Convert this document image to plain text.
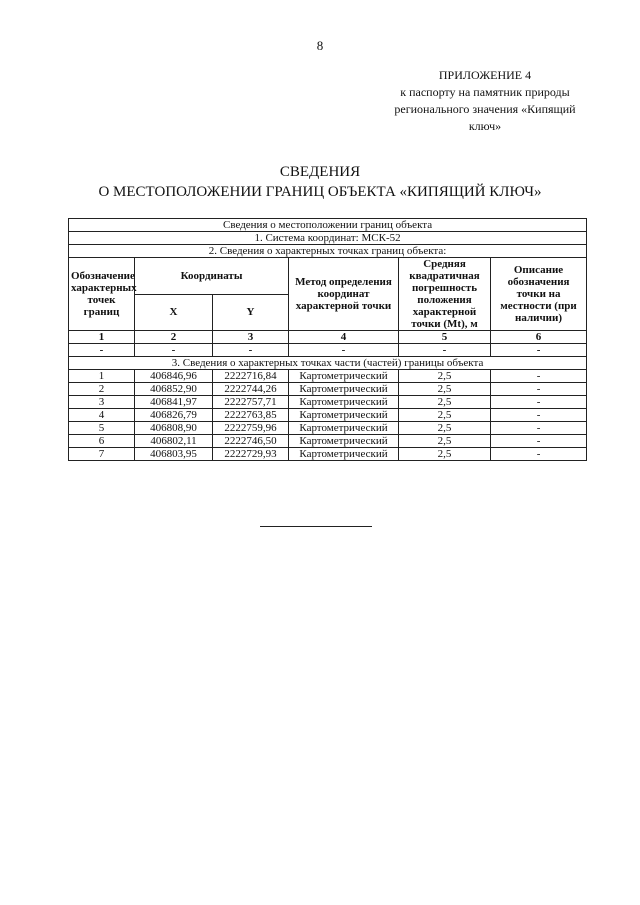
8
ПРИЛОЖЕНИЕ 4
к паспорту на памятник природы
регионального значения «Кипящий
ключ»
СВЕДЕНИЯ
О МЕСТОПОЛОЖЕНИИ ГРАНИЦ ОБЪЕКТА «КИПЯЩИЙ КЛЮЧ»
Сведения о местоположении границ объекта					
1. Система координат: МСК-52					
2. Сведения о характерных точках границ объекта:					
Обозначение характерных точек границ	Координаты		Метод определения координат характерной точки	Средняя квадратичная погрешность положения характерной точки (Mt), м	Описание обозначения точки на местности (при наличии)
	X	Y			
1	2	3	4	5	6
-	-	-	-	-	-
3. Сведения о характерных точках части (частей) границы объекта					
1	406846,96	2222716,84	Картометрический	2,5	-
2	406852,90	2222744,26	Картометрический	2,5	-
3	406841,97	2222757,71	Картометрический	2,5	-
4	406826,79	2222763,85	Картометрический	2,5	-
5	406808,90	2222759,96	Картометрический	2,5	-
6	406802,11	2222746,50	Картометрический	2,5	-
7	406803,95	2222729,93	Картометрический	2,5	-
